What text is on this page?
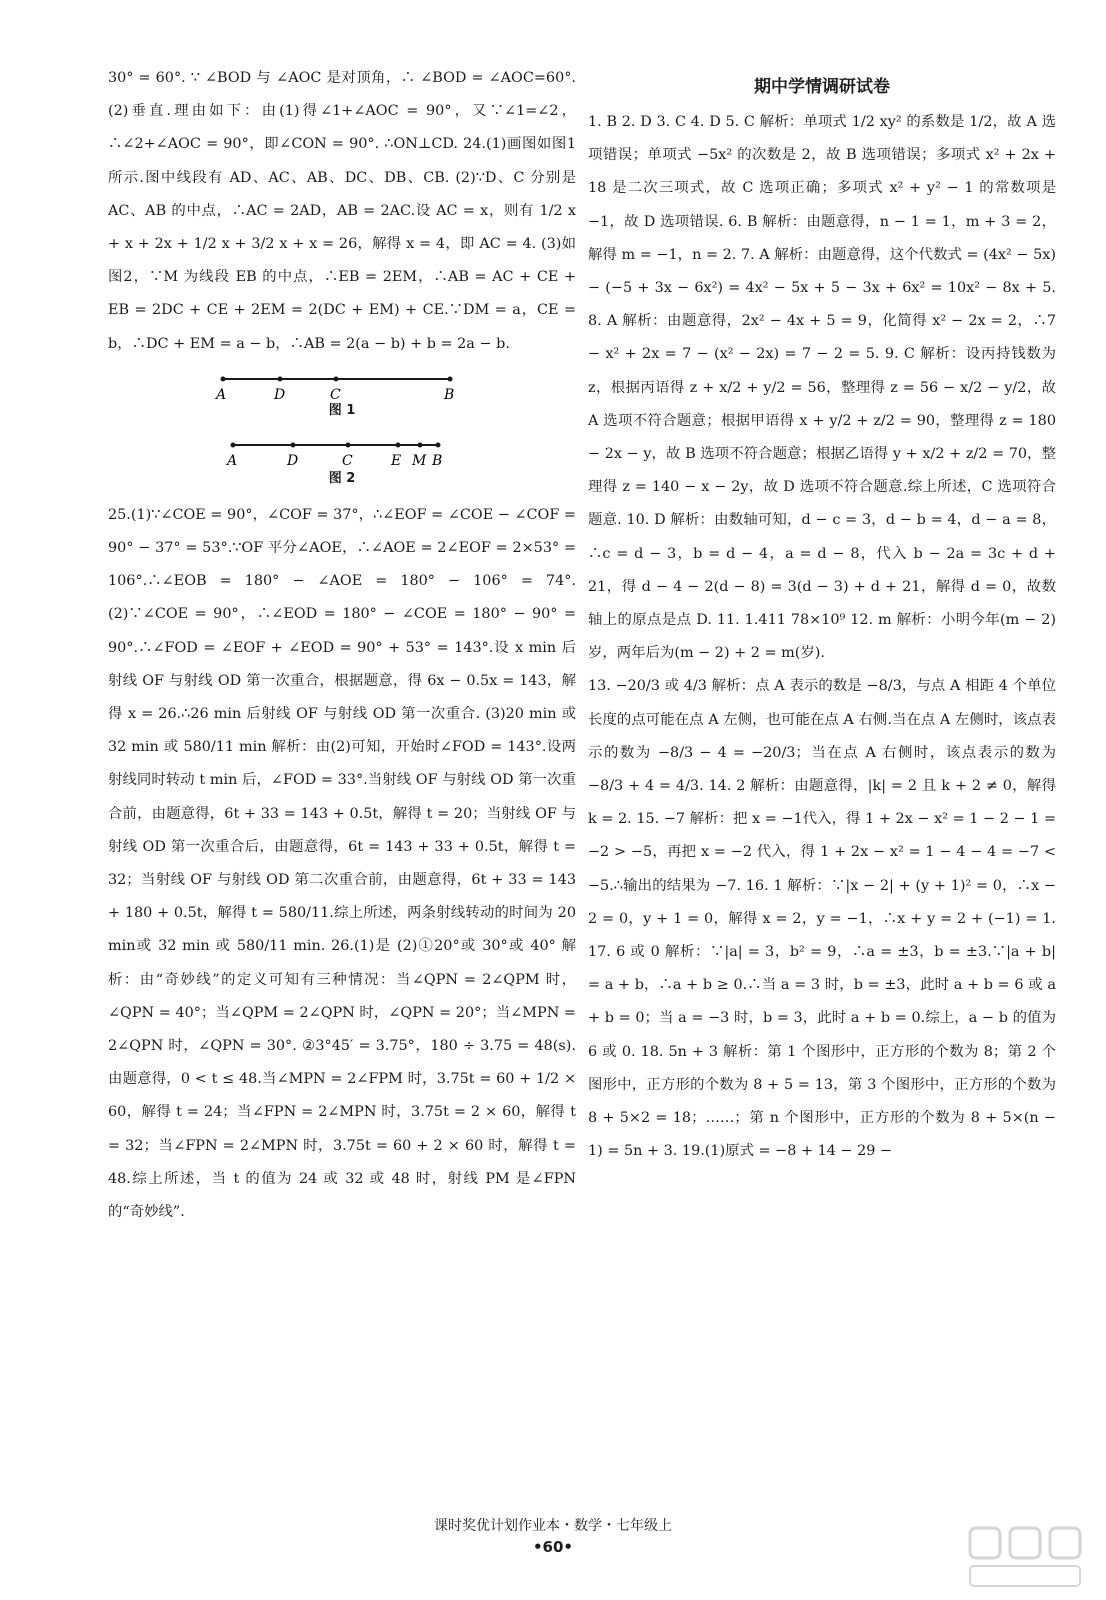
30° = 60°. ∵ ∠BOD 与 ∠AOC 是对顶角，∴ ∠BOD = ∠AOC=60°. (2)垂直.理由如下：由(1)得∠1+∠AOC = 90°，又∵∠1=∠2，∴∠2+∠AOC = 90°，即∠CON = 90°. ∴ON⊥CD. 24.(1)画图如图1所示.图中线段有 AD、AC、AB、DC、DB、CB. (2)∵D、C 分别是 AC、AB 的中点，∴AC = 2AD，AB = 2AC.设 AC = x，则有 1/2 x + x + 2x + 1/2 x + 3/2 x + x = 26，解得 x = 4，即 AC = 4. (3)如图2，∵M 为线段 EB 的中点，∴EB = 2EM，∴AB = AC + CE + EB = 2DC + CE + 2EM = 2(DC + EM) + CE.∵DM = a，CE = b，∴DC + EM = a − b，∴AB = 2(a − b) + b = 2a − b.

A	D	C	B
图 1
A	D	C	E M B
图 2

25.(1)∵∠COE = 90°，∠COF = 37°，∴∠EOF = ∠COE − ∠COF = 90° − 37° = 53°.∵OF 平分∠AOE，∴∠AOE = 2∠EOF = 2×53° = 106°.∴∠EOB = 180° − ∠AOE = 180° − 106° = 74°. (2)∵∠COE = 90°，∴∠EOD = 180° − ∠COE = 180° − 90° = 90°.∴∠FOD = ∠EOF + ∠EOD = 90° + 53° = 143°.设 x min 后射线 OF 与射线 OD 第一次重合，根据题意，得 6x − 0.5x = 143，解得 x = 26.∴26 min 后射线 OF 与射线 OD 第一次重合. (3)20 min 或 32 min 或 580/11 min 解析：由(2)可知，开始时∠FOD = 143°.设两射线同时转动 t min 后，∠FOD = 33°.当射线 OF 与射线 OD 第一次重合前，由题意得，6t + 33 = 143 + 0.5t，解得 t = 20；当射线 OF 与射线 OD 第一次重合后，由题意得，6t = 143 + 33 + 0.5t，解得 t = 32；当射线 OF 与射线 OD 第二次重合前，由题意得，6t + 33 = 143 + 180 + 0.5t，解得 t = 580/11.综上所述，两条射线转动的时间为 20 min或 32 min 或 580/11 min. 26.(1)是 (2)①20°或 30°或 40° 解析：由“奇妙线”的定义可知有三种情况：当∠QPN = 2∠QPM 时，∠QPN = 40°；当∠QPM = 2∠QPN 时，∠QPN = 20°；当∠MPN = 2∠QPN 时，∠QPN = 30°. ②3°45′ = 3.75°，180 ÷ 3.75 = 48(s).由题意得，0 < t ≤ 48.当∠MPN = 2∠FPM 时，3.75t = 60 + 1/2 × 60，解得 t = 24；当∠FPN = 2∠MPN 时，3.75t = 2 × 60，解得 t = 32；当∠FPN = 2∠MPN 时，3.75t = 60 + 2 × 60 时，解得 t = 48.综上所述，当 t 的值为 24 或 32 或 48 时，射线 PM 是∠FPN 的“奇妙线”.

期中学情调研试卷

1. B 2. D 3. C 4. D 5. C 解析：单项式 1/2 xy² 的系数是 1/2，故 A 选项错误；单项式 −5x² 的次数是 2，故 B 选项错误；多项式 x² + 2x + 18 是二次三项式，故 C 选项正确；多项式 x² + y² − 1 的常数项是 −1，故 D 选项错误. 6. B 解析：由题意得，n − 1 = 1，m + 3 = 2，解得 m = −1，n = 2. 7. A 解析：由题意得，这个代数式 = (4x² − 5x) − (−5 + 3x − 6x²) = 4x² − 5x + 5 − 3x + 6x² = 10x² − 8x + 5. 8. A 解析：由题意得，2x² − 4x + 5 = 9，化简得 x² − 2x = 2，∴7 − x² + 2x = 7 − (x² − 2x) = 7 − 2 = 5. 9. C 解析：设丙持钱数为 z，根据丙语得 z + x/2 + y/2 = 56，整理得 z = 56 − x/2 − y/2，故 A 选项不符合题意；根据甲语得 x + y/2 + z/2 = 90，整理得 z = 180 − 2x − y，故 B 选项不符合题意；根据乙语得 y + x/2 + z/2 = 70，整理得 z = 140 − x − 2y，故 D 选项不符合题意.综上所述，C 选项符合题意. 10. D 解析：由数轴可知，d − c = 3，d − b = 4，d − a = 8，∴c = d − 3，b = d − 4，a = d − 8，代入 b − 2a = 3c + d + 21，得 d − 4 − 2(d − 8) = 3(d − 3) + d + 21，解得 d = 0，故数轴上的原点是点 D. 11. 1.411 78×10⁹ 12. m 解析：小明今年(m − 2)岁，两年后为(m − 2) + 2 = m(岁).

13. −20/3 或 4/3 解析：点 A 表示的数是 −8/3，与点 A 相距 4 个单位长度的点可能在点 A 左侧，也可能在点 A 右侧.当在点 A 左侧时，该点表示的数为 −8/3 − 4 = −20/3；当在点 A 右侧时，该点表示的数为 −8/3 + 4 = 4/3. 14. 2 解析：由题意得，|k| = 2 且 k + 2 ≠ 0，解得 k = 2. 15. −7 解析：把 x = −1代入，得 1 + 2x − x² = 1 − 2 − 1 = −2 > −5，再把 x = −2 代入，得 1 + 2x − x² = 1 − 4 − 4 = −7 < −5.∴输出的结果为 −7. 16. 1 解析：∵|x − 2| + (y + 1)² = 0，∴x − 2 = 0，y + 1 = 0，解得 x = 2，y = −1，∴x + y = 2 + (−1) = 1. 17. 6 或 0 解析：∵|a| = 3，b² = 9，∴a = ±3，b = ±3.∵|a + b| = a + b，∴a + b ≥ 0.∴当 a = 3 时，b = ±3，此时 a + b = 6 或 a + b = 0；当 a = −3 时，b = 3，此时 a + b = 0.综上，a − b 的值为 6 或 0. 18. 5n + 3 解析：第 1 个图形中，正方形的个数为 8；第 2 个图形中，正方形的个数为 8 + 5 = 13，第 3 个图形中，正方形的个数为 8 + 5×2 = 18；……；第 n 个图形中，正方形的个数为 8 + 5×(n − 1) = 5n + 3. 19.(1)原式 = −8 + 14 − 29 −

课时奖优计划作业本・数学・七年级上
•60•
